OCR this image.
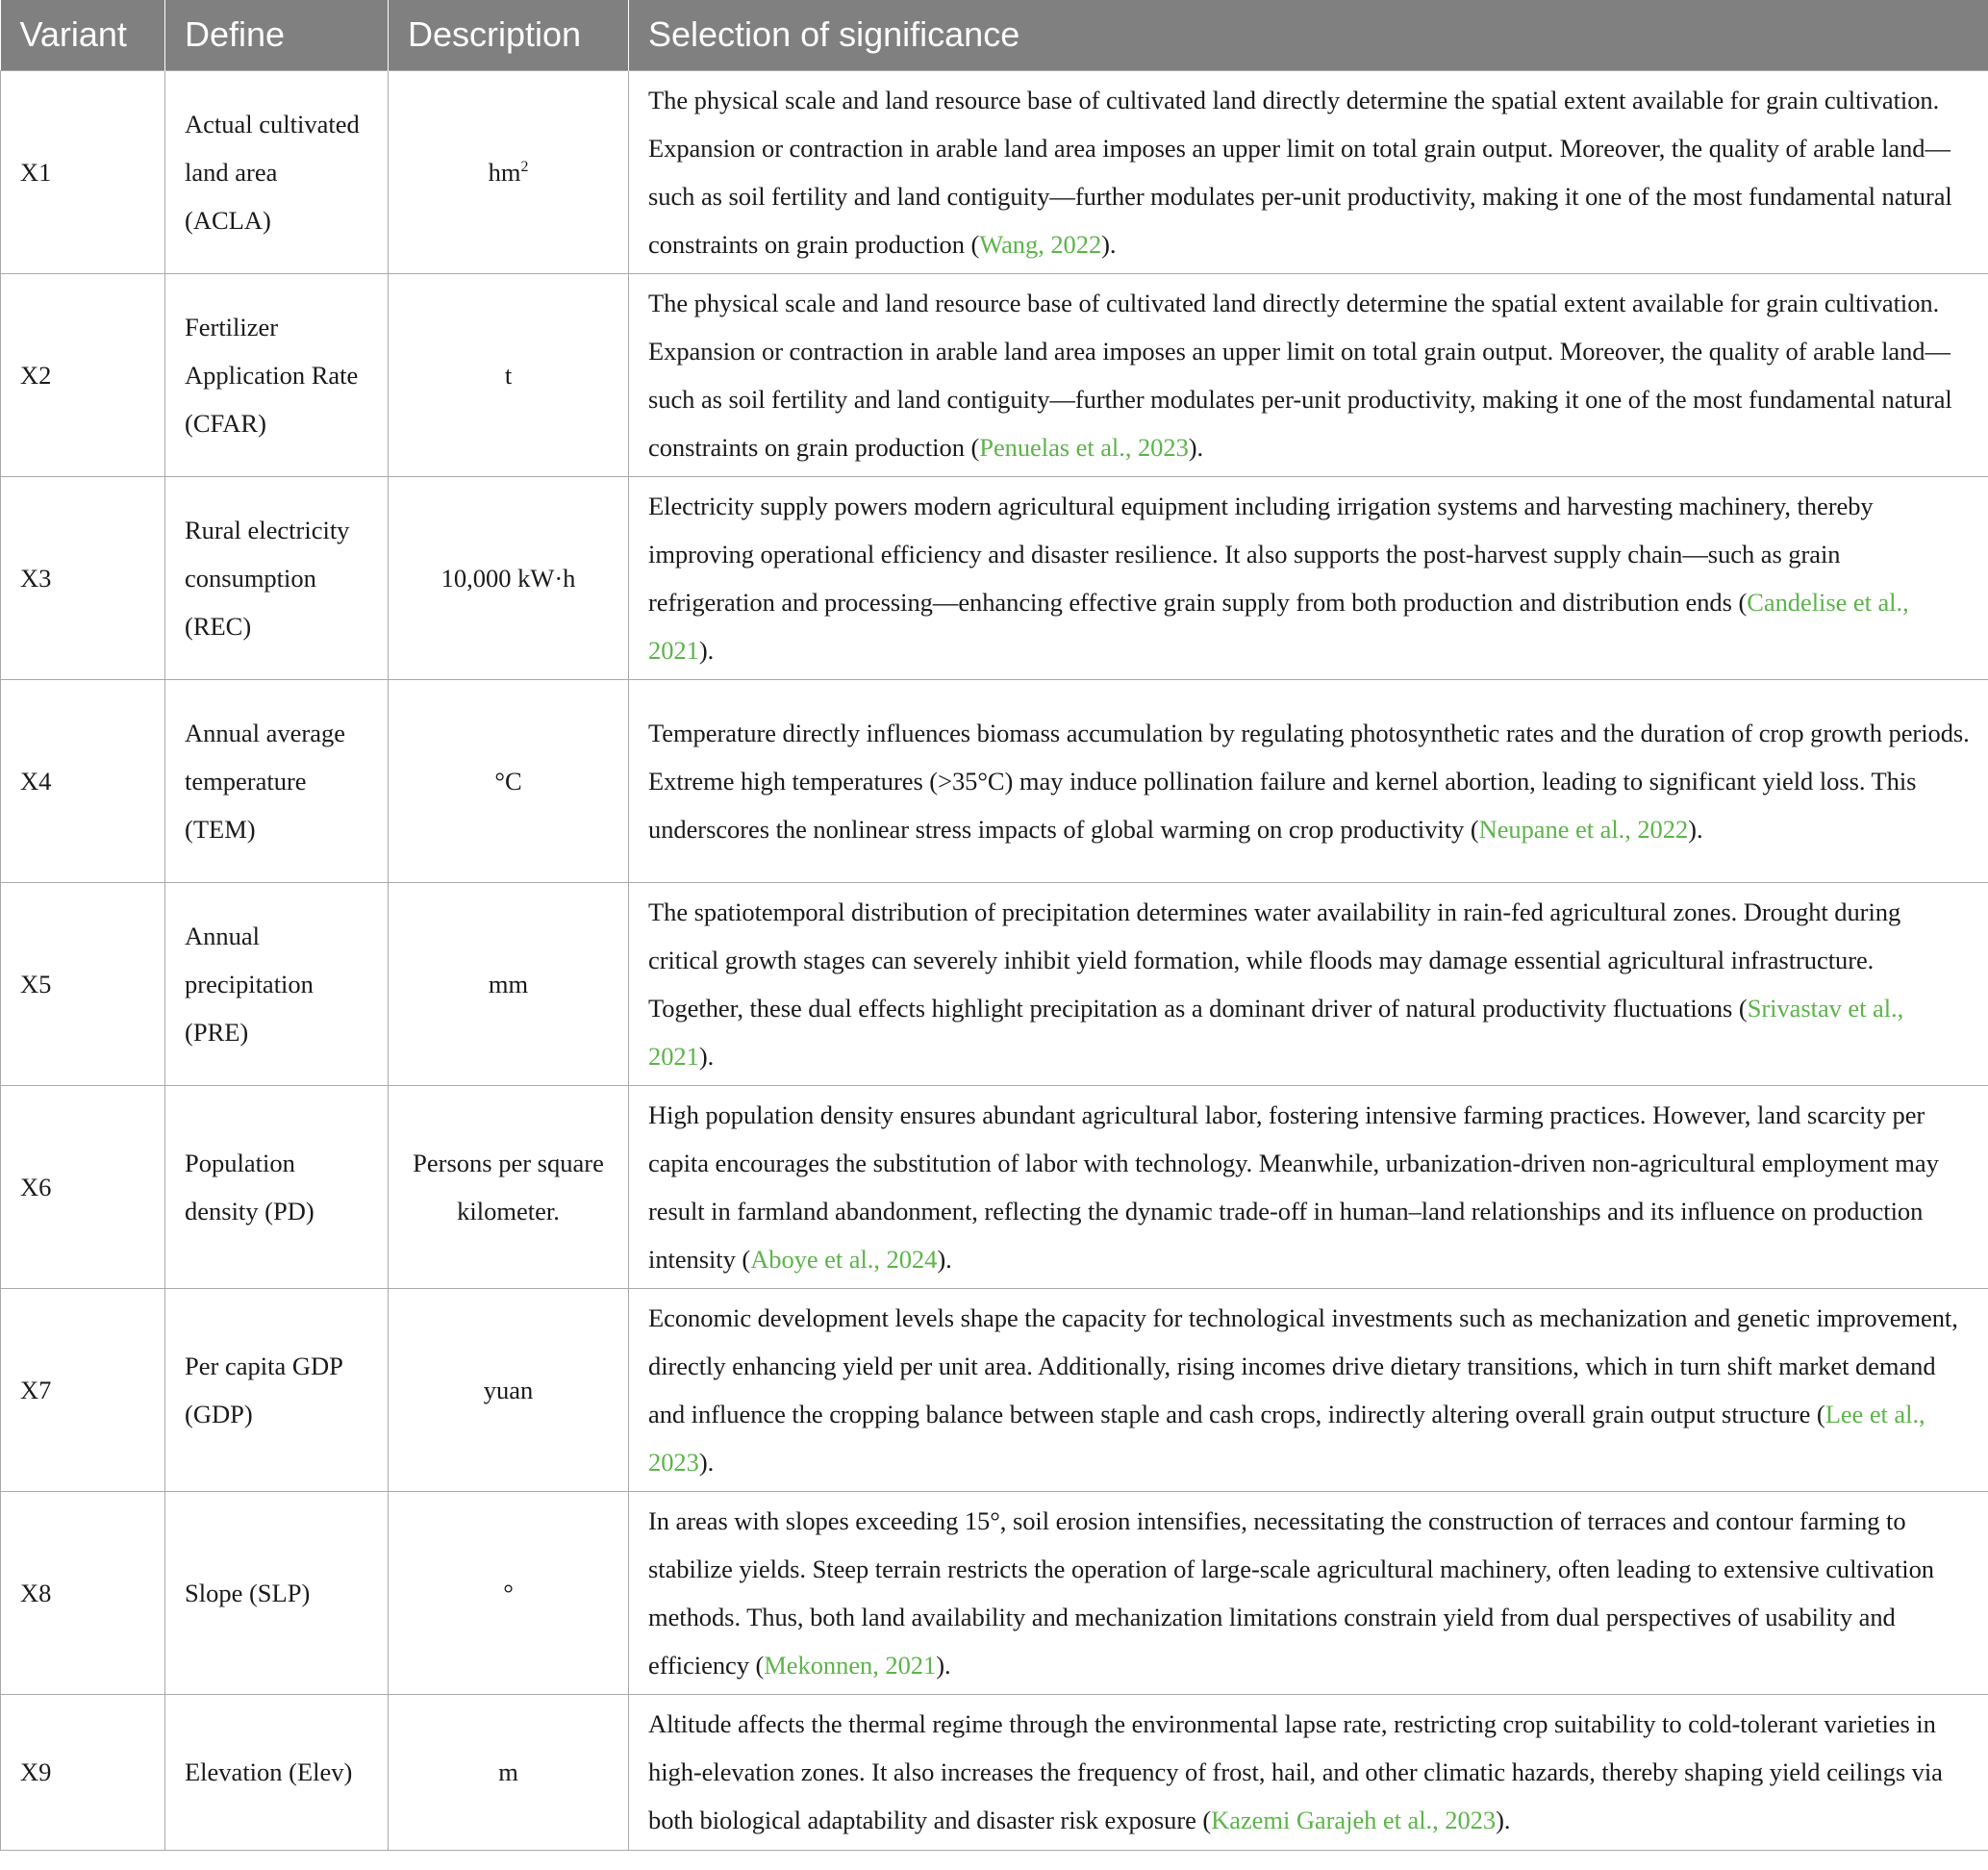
Variant	Define	Description	Selection of significance
X1	Actual cultivated land area (ACLA)	$hm^2$	The physical scale and land resource base of cultivated land directly determine the spatial extent available for grain cultivation. Expansion or contraction in arable land area imposes an upper limit on total grain output. Moreover, the quality of arable land—such as soil fertility and land contiguity—further modulates per-unit productivity, making it one of the most fundamental natural constraints on grain production (Wang, 2022).
X2	Fertilizer Application Rate (CFAR)	t	The physical scale and land resource base of cultivated land directly determine the spatial extent available for grain cultivation. Expansion or contraction in arable land area imposes an upper limit on total grain output. Moreover, the quality of arable land—such as soil fertility and land contiguity—further modulates per-unit productivity, making it one of the most fundamental natural constraints on grain production (Penuelas et al., 2023).
X3	Rural electricity consumption (REC)	10,000 kW·h	Electricity supply powers modern agricultural equipment including irrigation systems and harvesting machinery, thereby improving operational efficiency and disaster resilience. It also supports the post-harvest supply chain—such as grain refrigeration and processing—enhancing effective grain supply from both production and distribution ends (Candelise et al., 2021).
X4	Annual average temperature (TEM)	°C	Temperature directly influences biomass accumulation by regulating photosynthetic rates and the duration of crop growth periods. Extreme high temperatures (>35°C) may induce pollination failure and kernel abortion, leading to significant yield loss. This underscores the nonlinear stress impacts of global warming on crop productivity (Neupane et al., 2022).
X5	Annual precipitation (PRE)	mm	The spatiotemporal distribution of precipitation determines water availability in rain-fed agricultural zones. Drought during critical growth stages can severely inhibit yield formation, while floods may damage essential agricultural infrastructure. Together, these dual effects highlight precipitation as a dominant driver of natural productivity fluctuations (Srivastav et al., 2021).
X6	Population density (PD)	Persons per square kilometer.	High population density ensures abundant agricultural labor, fostering intensive farming practices. However, land scarcity per capita encourages the substitution of labor with technology. Meanwhile, urbanization-driven non-agricultural employment may result in farmland abandonment, reflecting the dynamic trade-off in human–land relationships and its influence on production intensity (Aboye et al., 2024).
X7	Per capita GDP (GDP)	yuan	Economic development levels shape the capacity for technological investments such as mechanization and genetic improvement, directly enhancing yield per unit area. Additionally, rising incomes drive dietary transitions, which in turn shift market demand and influence the cropping balance between staple and cash crops, indirectly altering overall grain output structure (Lee et al., 2023).
X8	Slope (SLP)	°	In areas with slopes exceeding 15°, soil erosion intensifies, necessitating the construction of terraces and contour farming to stabilize yields. Steep terrain restricts the operation of large-scale agricultural machinery, often leading to extensive cultivation methods. Thus, both land availability and mechanization limitations constrain yield from dual perspectives of usability and efficiency (Mekonnen, 2021).
X9	Elevation (Elev)	m	Altitude affects the thermal regime through the environmental lapse rate, restricting crop suitability to cold-tolerant varieties in high-elevation zones. It also increases the frequency of frost, hail, and other climatic hazards, thereby shaping yield ceilings via both biological adaptability and disaster risk exposure (Kazemi Garajeh et al., 2023).
